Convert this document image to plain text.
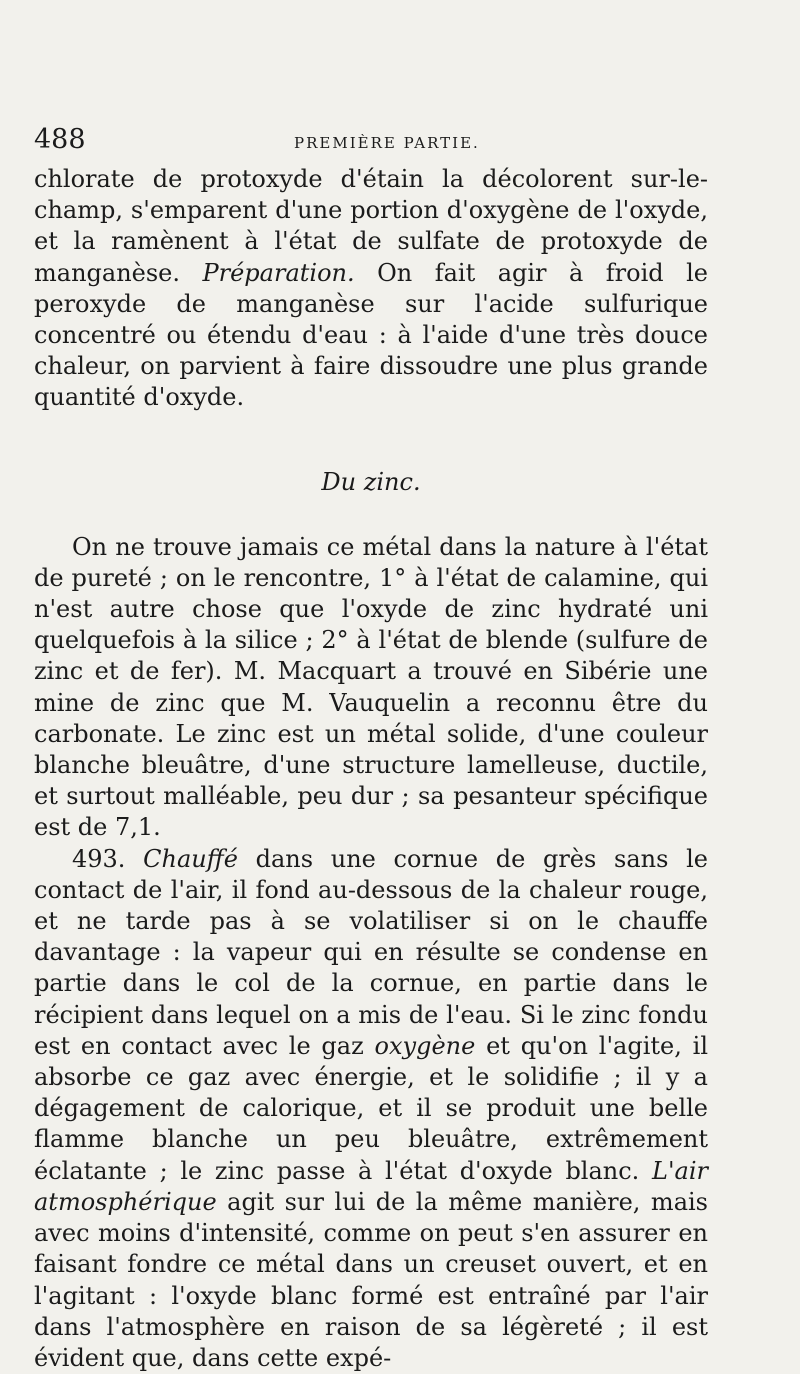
488	PREMIÈRE PARTIE.

chlorate de protoxyde d'étain la décolorent sur-le-champ, s'emparent d'une portion d'oxygène de l'oxyde, et la ramènent à l'état de sulfate de protoxyde de manganèse. Préparation. On fait agir à froid le peroxyde de manganèse sur l'acide sulfurique concentré ou étendu d'eau : à l'aide d'une très douce chaleur, on parvient à faire dissoudre une plus grande quantité d'oxyde.

Du zinc.

On ne trouve jamais ce métal dans la nature à l'état de pureté ; on le rencontre, 1° à l'état de calamine, qui n'est autre chose que l'oxyde de zinc hydraté uni quelquefois à la silice ; 2° à l'état de blende (sulfure de zinc et de fer). M. Macquart a trouvé en Sibérie une mine de zinc que M. Vauquelin a reconnu être du carbonate. Le zinc est un métal solide, d'une couleur blanche bleuâtre, d'une structure lamelleuse, ductile, et surtout malléable, peu dur ; sa pesanteur spécifique est de 7,1.

493. Chauffé dans une cornue de grès sans le contact de l'air, il fond au-dessous de la chaleur rouge, et ne tarde pas à se volatiliser si on le chauffe davantage : la vapeur qui en résulte se condense en partie dans le col de la cornue, en partie dans le récipient dans lequel on a mis de l'eau. Si le zinc fondu est en contact avec le gaz oxygène et qu'on l'agite, il absorbe ce gaz avec énergie, et le solidifie ; il y a dégagement de calorique, et il se produit une belle flamme blanche un peu bleuâtre, extrêmement éclatante ; le zinc passe à l'état d'oxyde blanc. L'air atmosphérique agit sur lui de la même manière, mais avec moins d'intensité, comme on peut s'en assurer en faisant fondre ce métal dans un creuset ouvert, et en l'agitant : l'oxyde blanc formé est entraîné par l'air dans l'atmosphère en raison de sa légèreté ; il est évident que, dans cette expé-
